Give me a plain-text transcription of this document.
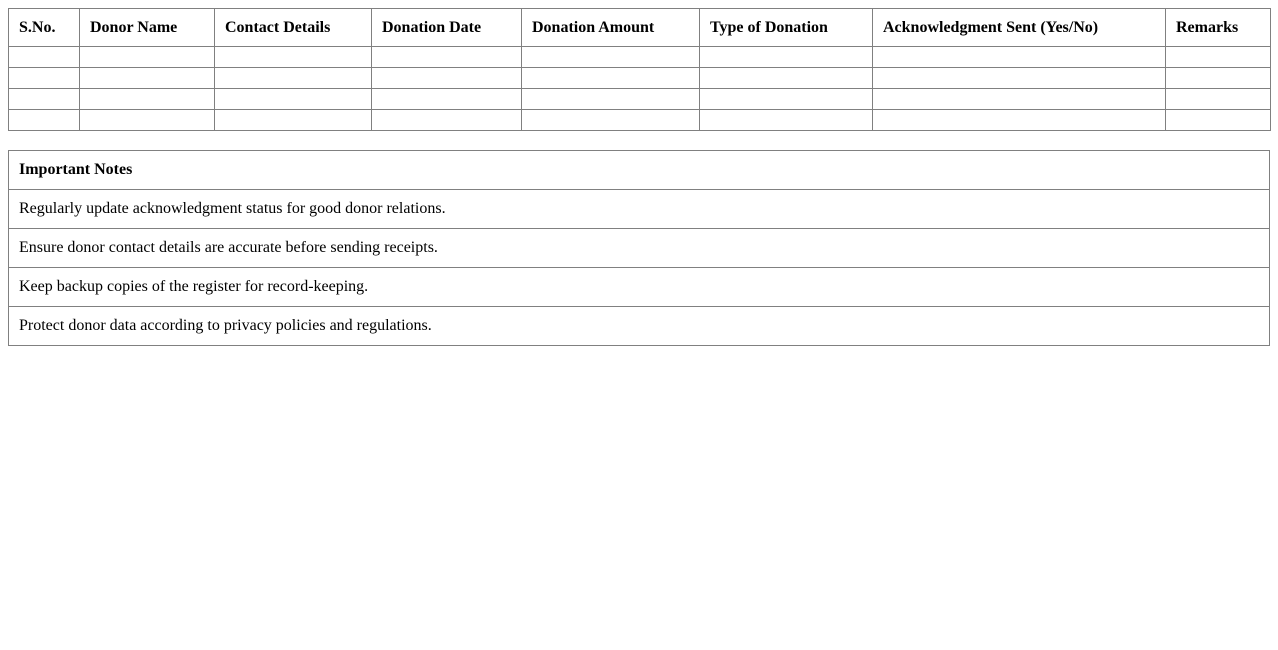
S.No.	Donor Name	Contact Details	Donation Date	Donation Amount	Type of Donation	Acknowledgment Sent (Yes/No)	Remarks

Important Notes
Regularly update acknowledgment status for good donor relations.
Ensure donor contact details are accurate before sending receipts.
Keep backup copies of the register for record-keeping.
Protect donor data according to privacy policies and regulations.
